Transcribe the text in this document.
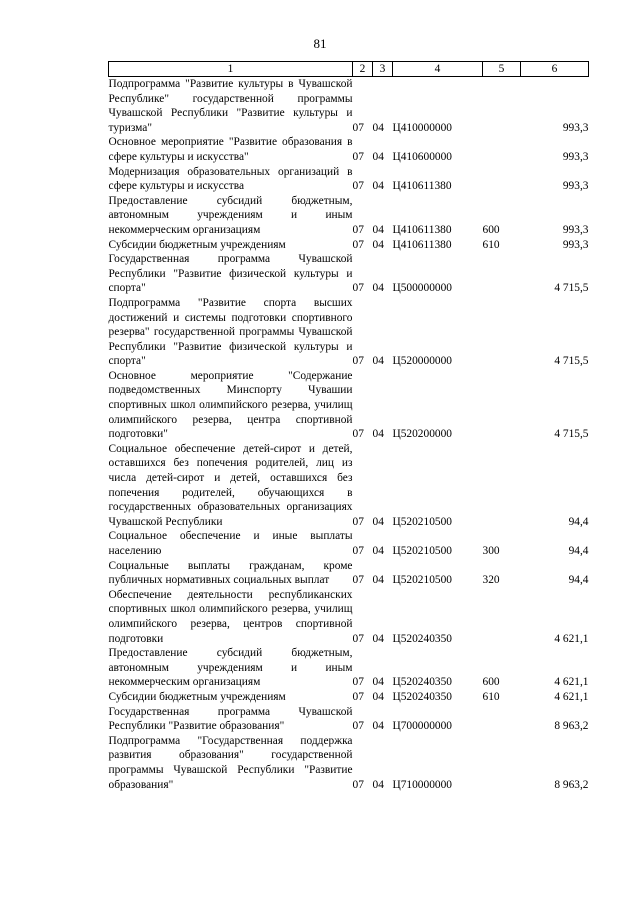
81
1	2	3	4	5	6
Подпрограмма "Развитие культуры в Чувашской Республике" государственной программы Чувашской Республики "Развитие культуры и туризма"	07	04	Ц410000000		993,3
Основное мероприятие "Развитие образования в сфере культуры и искусства"	07	04	Ц410600000		993,3
Модернизация образовательных организаций в сфере культуры и искусства	07	04	Ц410611380		993,3
Предоставление субсидий бюджетным, автономным учреждениям и иным некоммерческим организациям	07	04	Ц410611380	600	993,3
Субсидии бюджетным учреждениям	07	04	Ц410611380	610	993,3
Государственная программа Чувашской Республики "Развитие физической культуры и спорта"	07	04	Ц500000000		4 715,5
Подпрограмма "Развитие спорта высших достижений и системы подготовки спортивного резерва" государственной программы Чувашской Республики "Развитие физической культуры и спорта"	07	04	Ц520000000		4 715,5
Основное мероприятие "Содержание подведомственных Минспорту Чувашии спортивных школ олимпийского резерва, училищ олимпийского резерва, центра спортивной подготовки"	07	04	Ц520200000		4 715,5
Социальное обеспечение детей-сирот и детей, оставшихся без попечения родителей, лиц из числа детей-сирот и детей, оставшихся без попечения родителей, обучающихся в государственных образовательных организациях Чувашской Республики	07	04	Ц520210500		94,4
Социальное обеспечение и иные выплаты населению	07	04	Ц520210500	300	94,4
Социальные выплаты гражданам, кроме публичных нормативных социальных выплат	07	04	Ц520210500	320	94,4
Обеспечение деятельности республиканских спортивных школ олимпийского резерва, училищ олимпийского резерва, центров спортивной подготовки	07	04	Ц520240350		4 621,1
Предоставление субсидий бюджетным, автономным учреждениям и иным некоммерческим организациям	07	04	Ц520240350	600	4 621,1
Субсидии бюджетным учреждениям	07	04	Ц520240350	610	4 621,1
Государственная программа Чувашской Республики "Развитие образования"	07	04	Ц700000000		8 963,2
Подпрограмма "Государственная поддержка развития образования" государственной программы Чувашской Республики "Развитие образования"	07	04	Ц710000000		8 963,2
